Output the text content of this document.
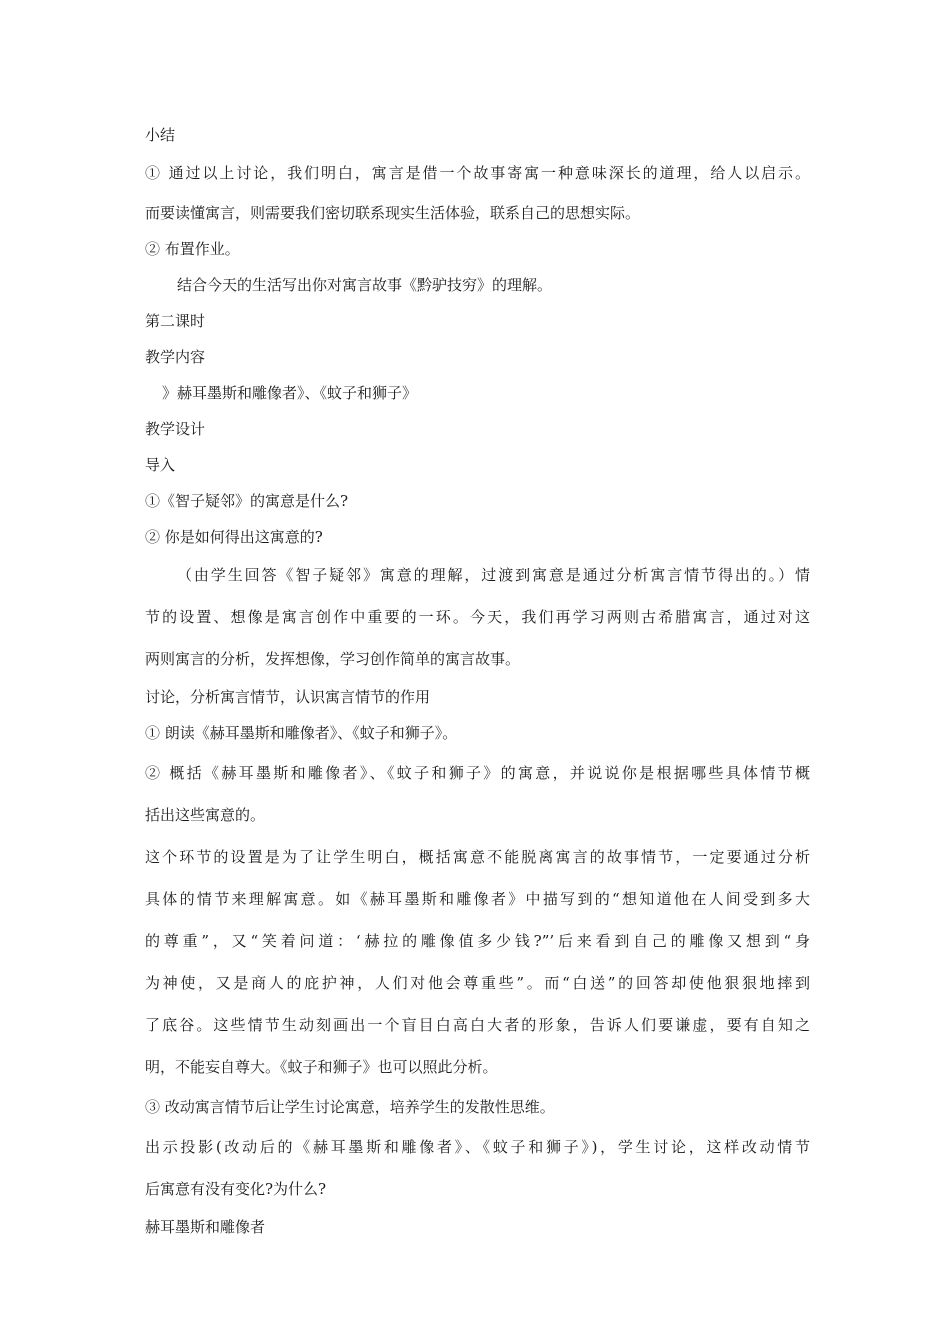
小结
① 通过以上讨论，我们明白，寓言是借一个故事寄寓一种意味深长的道理，给人以启示。
而要读懂寓言，则需要我们密切联系现实生活体验，联系自己的思想实际。
② 布置作业。
结合今天的生活写出你对寓言故事《黔驴技穷》的理解。
第二课时
教学内容
》赫耳墨斯和雕像者》、《蚊子和狮子》
教学设计
导入
①《智子疑邻》的寓意是什么?
② 你是如何得出这寓意的?
（由学生回答《智子疑邻》寓意的理解，过渡到寓意是通过分析寓言情节得出的。）情
节的设置、想像是寓言创作中重要的一环。今天，我们再学习两则古希腊寓言，通过对这
两则寓言的分析，发挥想像，学习创作简单的寓言故事。
讨论，分析寓言情节，认识寓言情节的作用
① 朗读《赫耳墨斯和雕像者》、《蚊子和狮子》。
② 概括《赫耳墨斯和雕像者》、《蚊子和狮子》的寓意，并说说你是根据哪些具体情节概
括出这些寓意的。
这个环节的设置是为了让学生明白，概括寓意不能脱离寓言的故事情节，一定要通过分析
具体的情节来理解寓意。如《赫耳墨斯和雕像者》中描写到的“想知道他在人间受到多大
的尊重”，又“笑着问道：‘赫拉的雕像值多少钱?”’后来看到自己的雕像又想到“身
为神使，又是商人的庇护神，人们对他会尊重些”。而“白送”的回答却使他狠狠地摔到
了底谷。这些情节生动刻画出一个盲目白高白大者的形象，告诉人们要谦虚，要有自知之
明，不能妄自尊大。《蚊子和狮子》也可以照此分析。
③ 改动寓言情节后让学生讨论寓意，培养学生的发散性思维。
出示投影(改动后的《赫耳墨斯和雕像者》、《蚊子和狮子》)，学生讨论，这样改动情节
后寓意有没有变化?为什么?
赫耳墨斯和雕像者
